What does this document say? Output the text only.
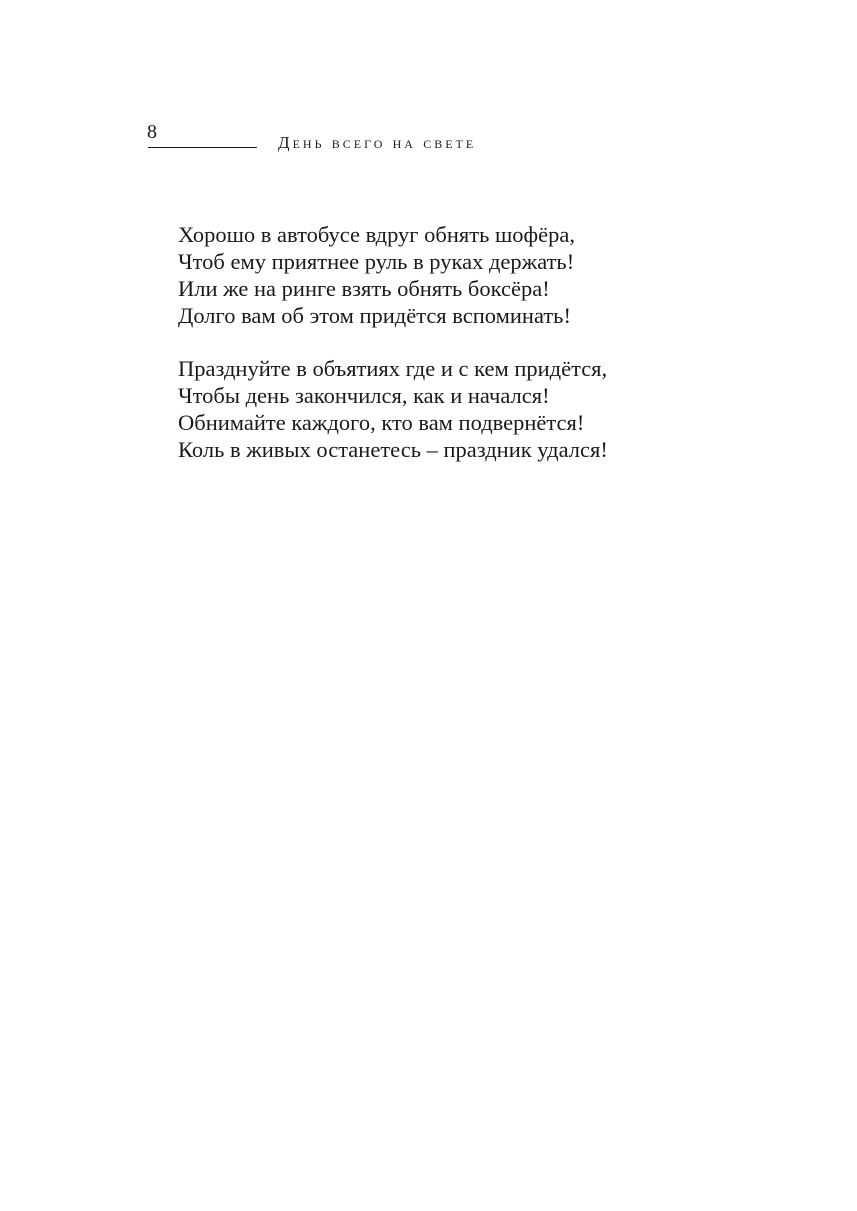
8	День всего на свете
Хорошо в автобусе вдруг обнять шофёра,
Чтоб ему приятнее руль в руках держать!
Или же на ринге взять обнять боксёра!
Долго вам об этом придётся вспоминать!
Празднуйте в объятиях где и с кем придётся,
Чтобы день закончился, как и начался!
Обнимайте каждого, кто вам подвернётся!
Коль в живых останетесь – праздник удался!
